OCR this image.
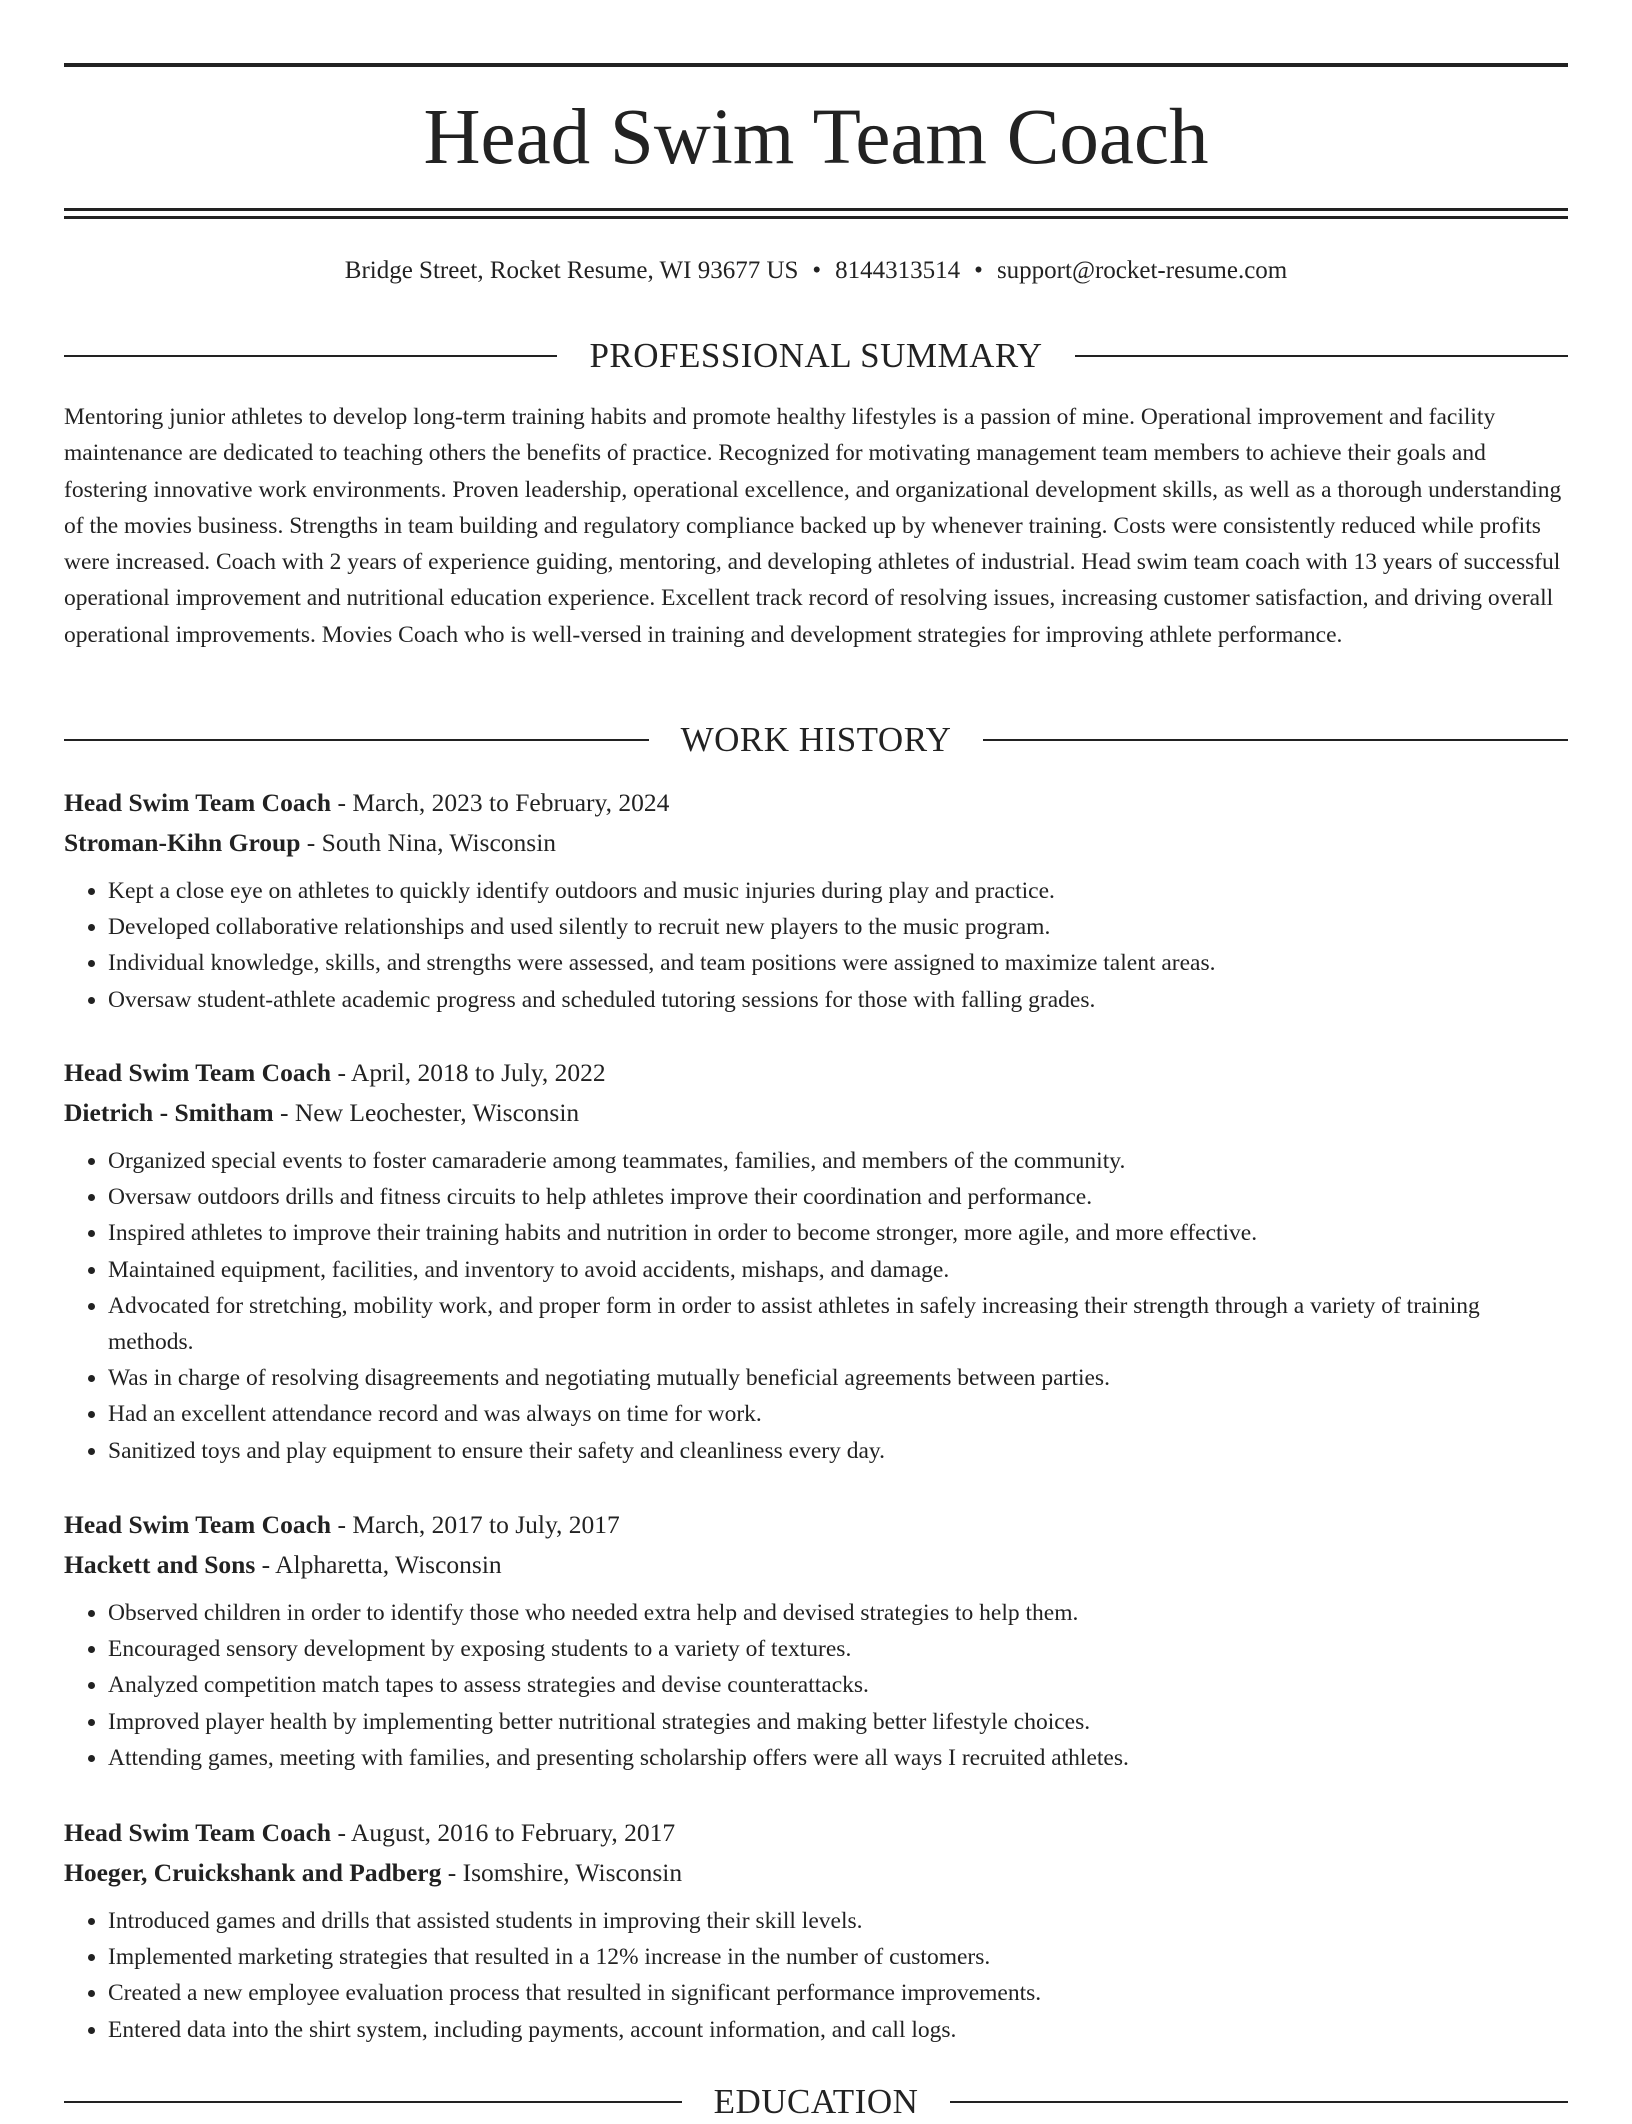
Head Swim Team Coach
Bridge Street, Rocket Resume, WI 93677 US • 8144313514 • support@rocket-resume.com
PROFESSIONAL SUMMARY

Mentoring junior athletes to develop long-term training habits and promote healthy lifestyles is a passion of mine. Operational improvement and facility maintenance are dedicated to teaching others the benefits of practice. Recognized for motivating management team members to achieve their goals and fostering innovative work environments. Proven leadership, operational excellence, and organizational development skills, as well as a thorough understanding of the movies business. Strengths in team building and regulatory compliance backed up by whenever training. Costs were consistently reduced while profits were increased. Coach with 2 years of experience guiding, mentoring, and developing athletes of industrial. Head swim team coach with 13 years of successful operational improvement and nutritional education experience. Excellent track record of resolving issues, increasing customer satisfaction, and driving overall operational improvements. Movies Coach who is well-versed in training and development strategies for improving athlete performance.

WORK HISTORY
Head Swim Team Coach - March, 2023 to February, 2024
Stroman-Kihn Group - South Nina, Wisconsin
• Kept a close eye on athletes to quickly identify outdoors and music injuries during play and practice.
• Developed collaborative relationships and used silently to recruit new players to the music program.
• Individual knowledge, skills, and strengths were assessed, and team positions were assigned to maximize talent areas.
• Oversaw student-athlete academic progress and scheduled tutoring sessions for those with falling grades.
Head Swim Team Coach - April, 2018 to July, 2022
Dietrich - Smitham - New Leochester, Wisconsin
• Organized special events to foster camaraderie among teammates, families, and members of the community.
• Oversaw outdoors drills and fitness circuits to help athletes improve their coordination and performance.
• Inspired athletes to improve their training habits and nutrition in order to become stronger, more agile, and more effective.
• Maintained equipment, facilities, and inventory to avoid accidents, mishaps, and damage.
• Advocated for stretching, mobility work, and proper form in order to assist athletes in safely increasing their strength through a variety of training methods.
• Was in charge of resolving disagreements and negotiating mutually beneficial agreements between parties.
• Had an excellent attendance record and was always on time for work.
• Sanitized toys and play equipment to ensure their safety and cleanliness every day.
Head Swim Team Coach - March, 2017 to July, 2017
Hackett and Sons - Alpharetta, Wisconsin
• Observed children in order to identify those who needed extra help and devised strategies to help them.
• Encouraged sensory development by exposing students to a variety of textures.
• Analyzed competition match tapes to assess strategies and devise counterattacks.
• Improved player health by implementing better nutritional strategies and making better lifestyle choices.
• Attending games, meeting with families, and presenting scholarship offers were all ways I recruited athletes.
Head Swim Team Coach - August, 2016 to February, 2017
Hoeger, Cruickshank and Padberg - Isomshire, Wisconsin
• Introduced games and drills that assisted students in improving their skill levels.
• Implemented marketing strategies that resulted in a 12% increase in the number of customers.
• Created a new employee evaluation process that resulted in significant performance improvements.
• Entered data into the shirt system, including payments, account information, and call logs.
EDUCATION
